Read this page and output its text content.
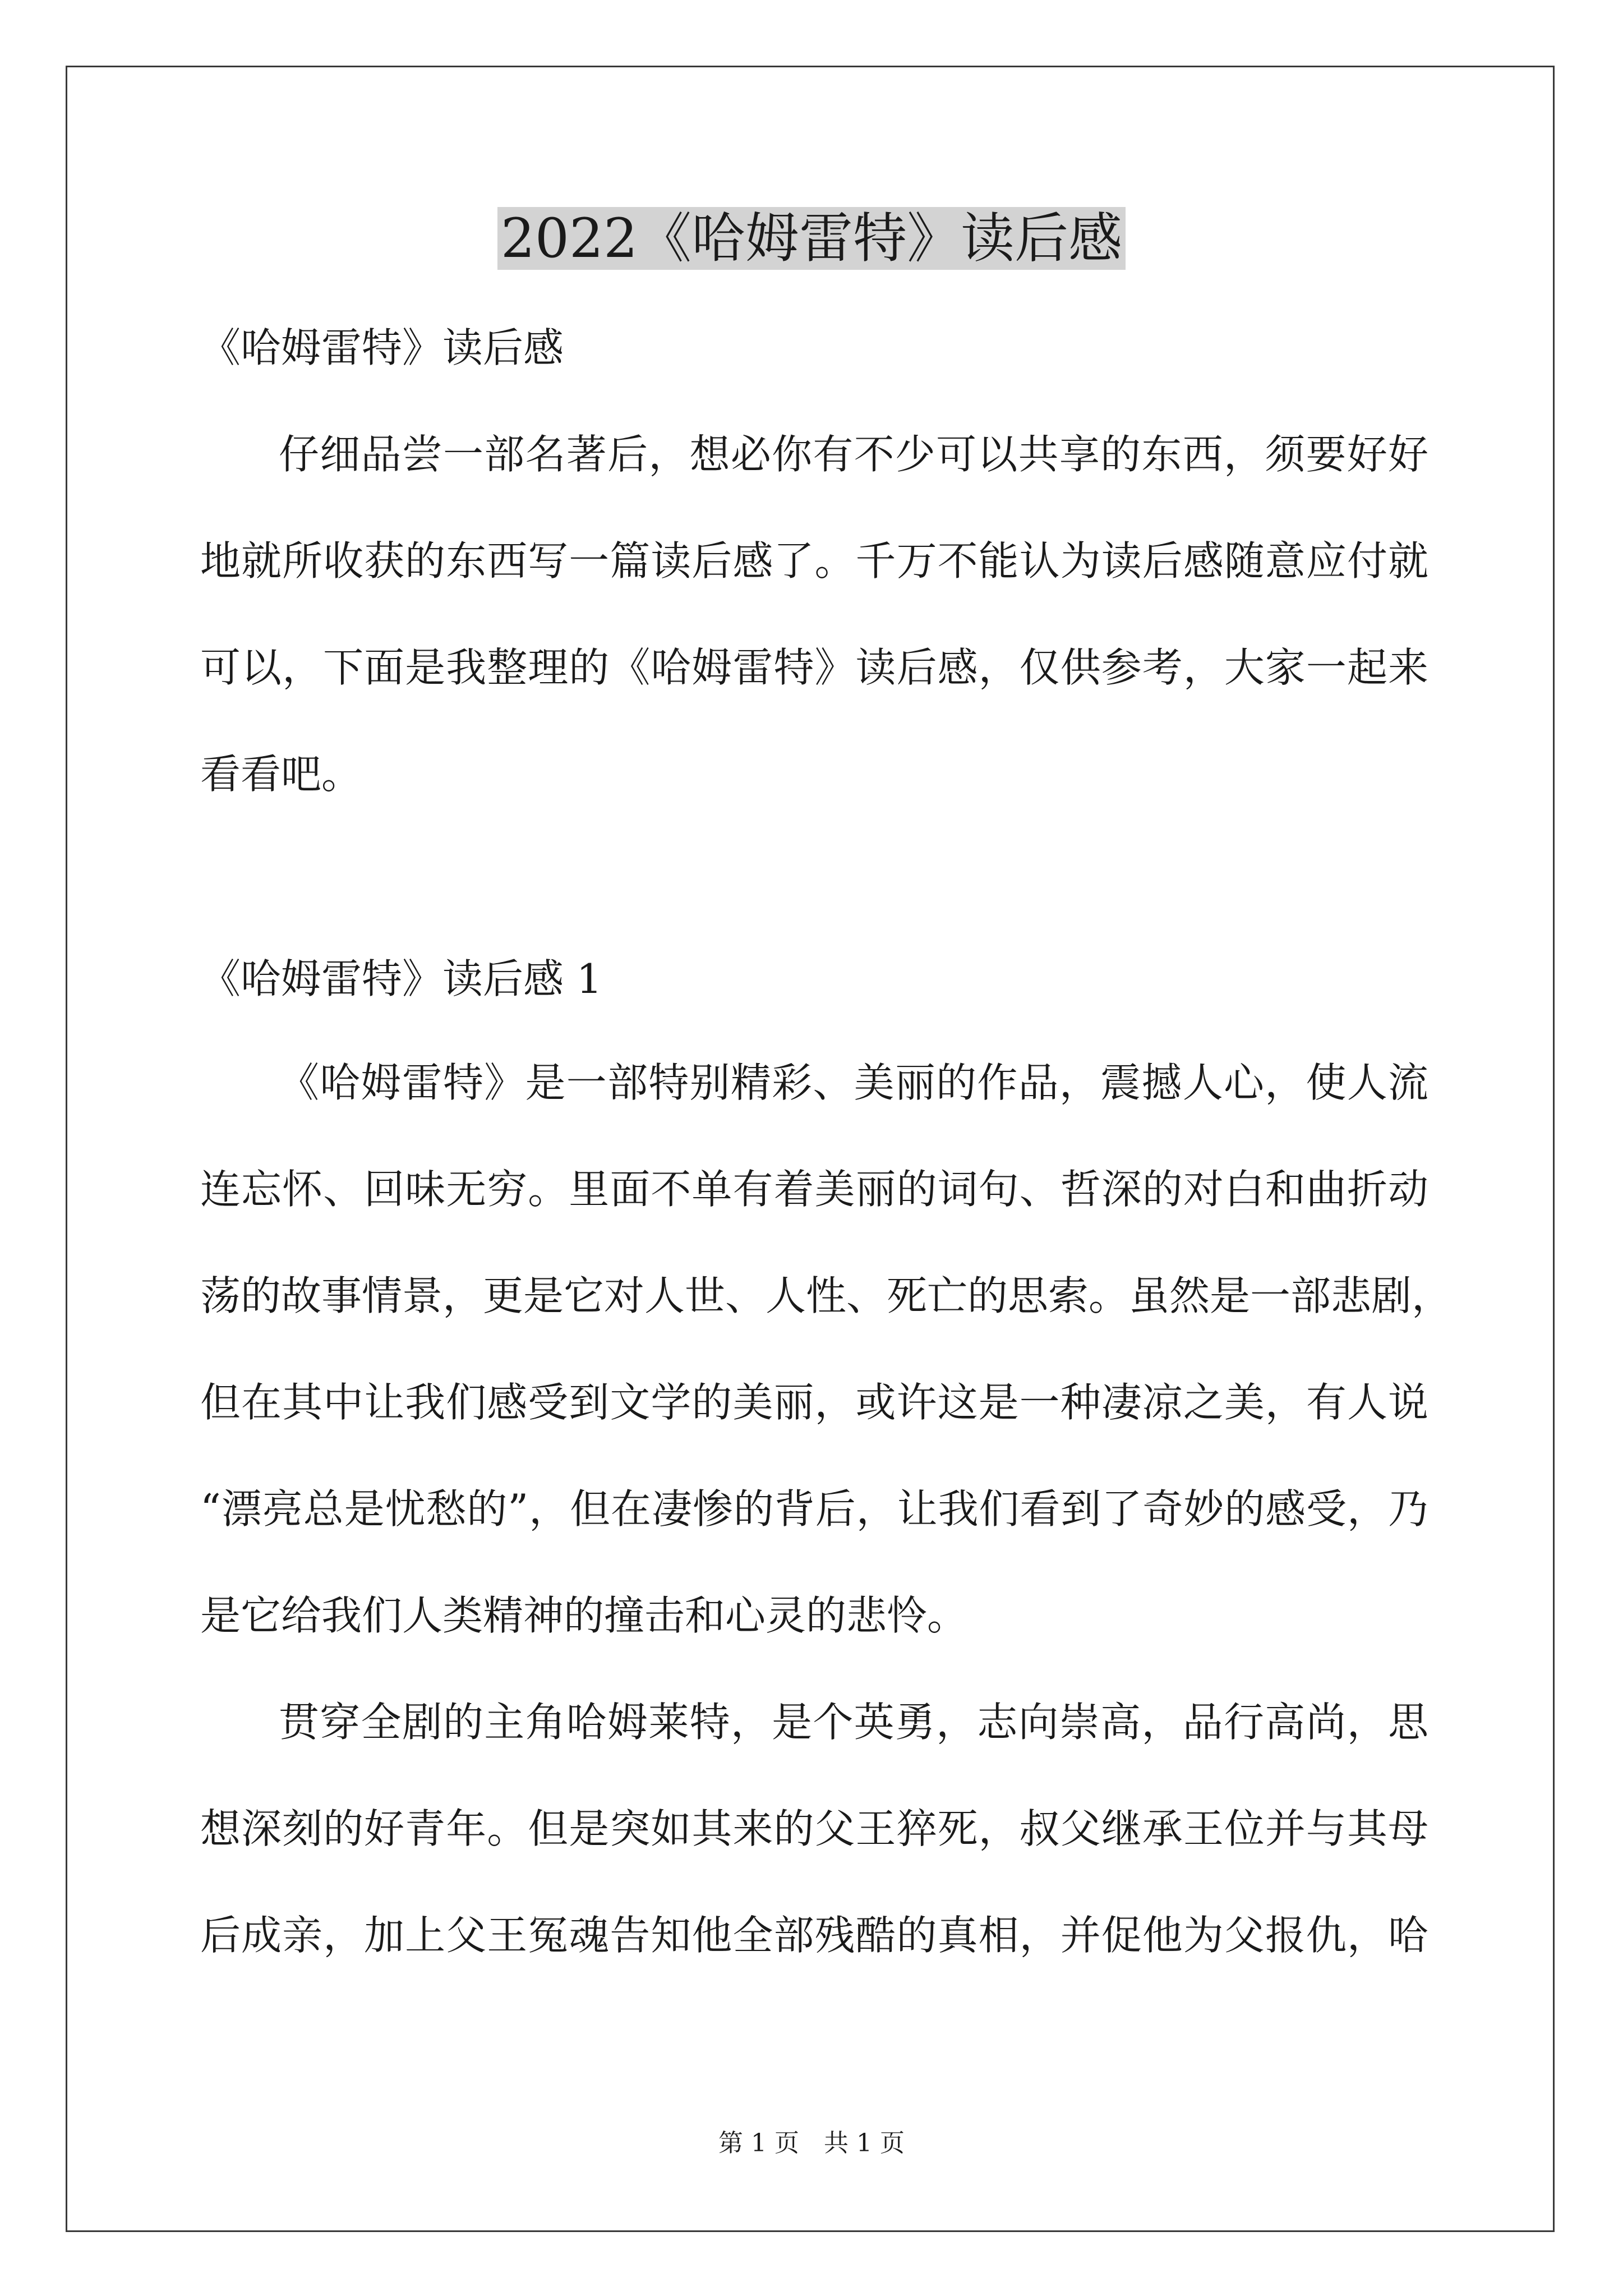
2022《哈姆雷特》读后感
《哈姆雷特》读后感
仔细品尝一部名著后，想必你有不少可以共享的东西，须要好好
地就所收获的东西写一篇读后感了。千万不能认为读后感随意应付就
可以，下面是我整理的《哈姆雷特》读后感，仅供参考，大家一起来
看看吧。
《哈姆雷特》读后感 1
《哈姆雷特》是一部特别精彩、美丽的作品，震撼人心，使人流
连忘怀、回味无穷。里面不单有着美丽的词句、哲深的对白和曲折动
荡的故事情景，更是它对人世、人性、死亡的思索。虽然是一部悲剧，
但在其中让我们感受到文学的美丽，或许这是一种凄凉之美，有人说
“漂亮总是忧愁的”，但在凄惨的背后，让我们看到了奇妙的感受，乃
是它给我们人类精神的撞击和心灵的悲怜。
贯穿全剧的主角哈姆莱特，是个英勇，志向崇高，品行高尚，思
想深刻的好青年。但是突如其来的父王猝死，叔父继承王位并与其母
后成亲，加上父王冤魂告知他全部残酷的真相，并促他为父报仇，哈
第 1 页　共 1 页
